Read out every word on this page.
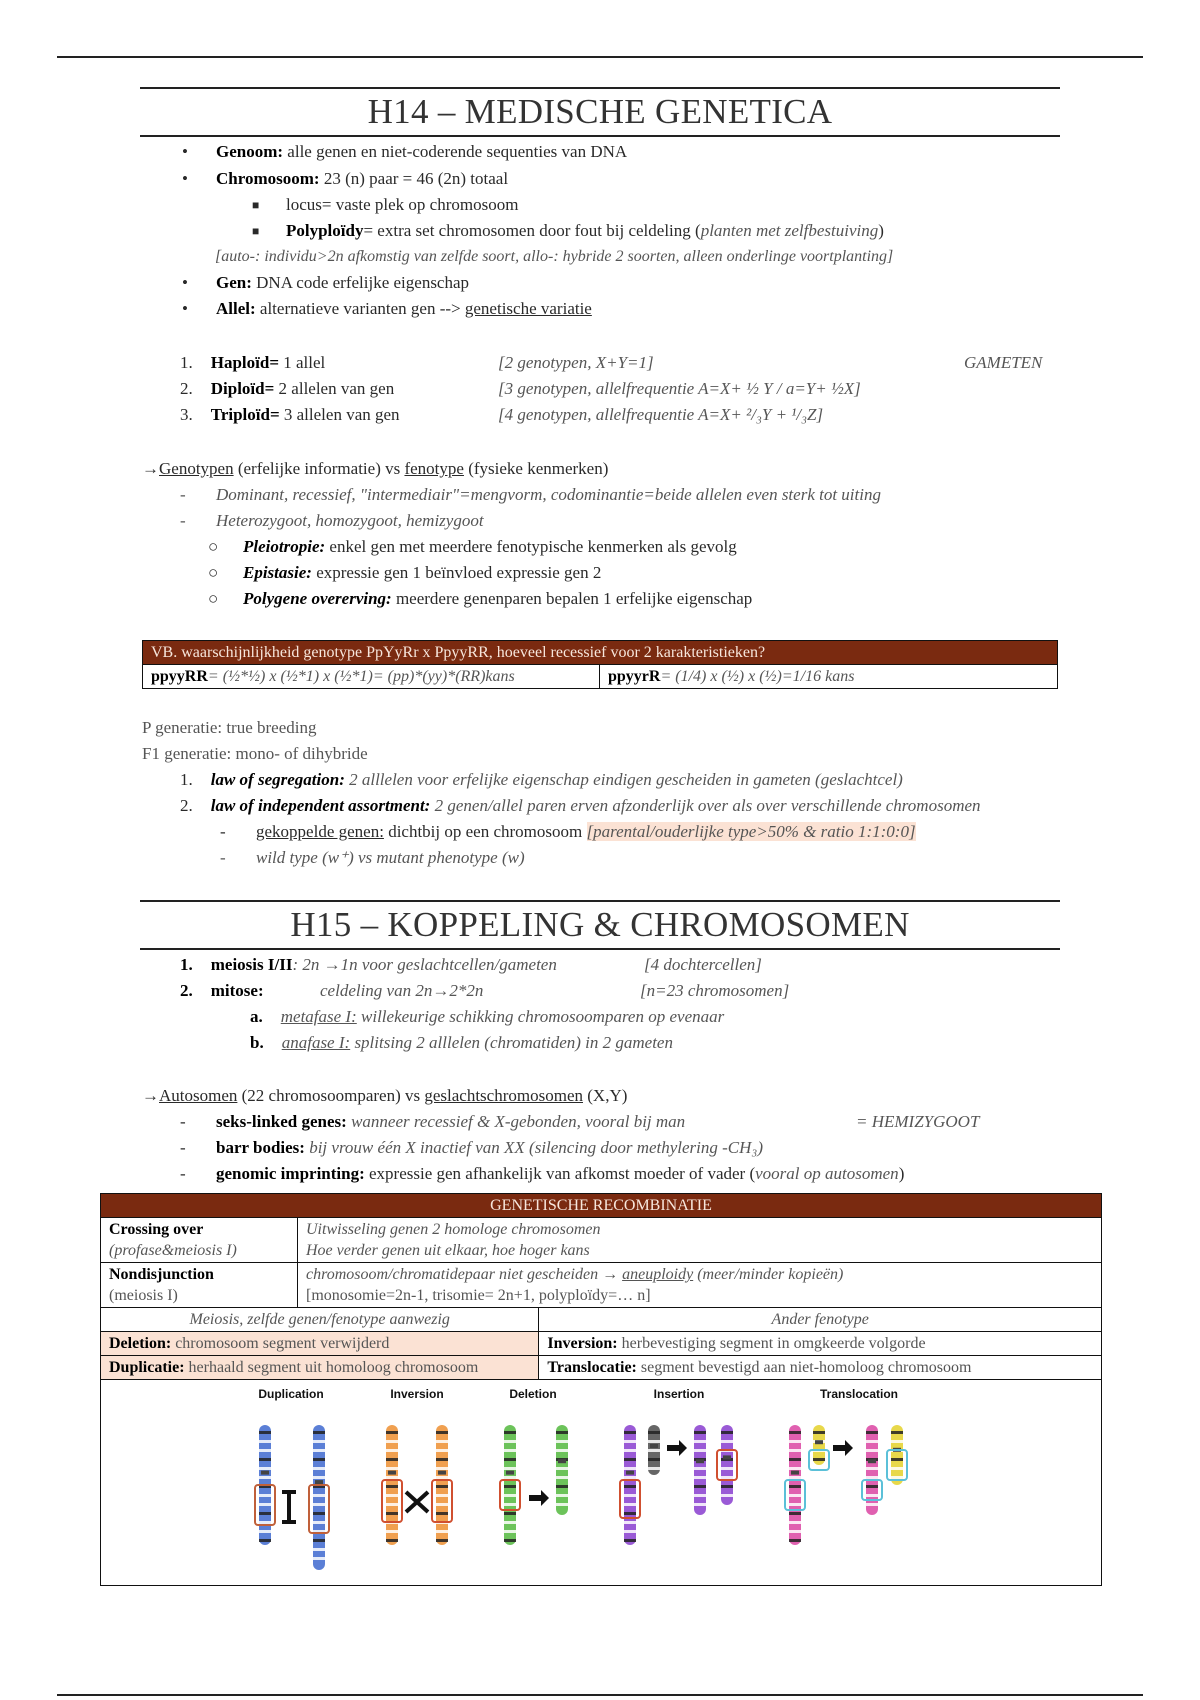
H14 – MEDISCHE GENETICA
• Genoom: alle genen en niet-coderende sequenties van DNA
• Chromosoom: 23 (n) paar = 46 (2n) totaal
■ locus= vaste plek op chromosoom
■ Polyploïdy= extra set chromosomen door fout bij celdeling (planten met zelfbestuiving)
[auto-: individu>2n afkomstig van zelfde soort, allo-: hybride 2 soorten, alleen onderlinge voortplanting]
• Gen: DNA code erfelijke eigenschap
• Allel: alternatieve varianten gen --> genetische variatie
1. Haploïd= 1 allel	[2 genotypen, X+Y=1]	GAMETEN
2. Diploïd= 2 allelen van gen	[3 genotypen, allelfrequentie A=X+ ½ Y / a=Y+ ½X]
3. Triploïd= 3 allelen van gen	[4 genotypen, allelfrequentie A=X+ ²/₃Y + ¹/₃Z]
→Genotypen (erfelijke informatie) vs fenotype (fysieke kenmerken)
- Dominant, recessief, "intermediair"=mengvorm, codominantie=beide allelen even sterk tot uiting
- Heterozygoot, homozygoot, hemizygoot
○ Pleiotropie: enkel gen met meerdere fenotypische kenmerken als gevolg
○ Epistasie: expressie gen 1 beïnvloed expressie gen 2
○ Polygene overerving: meerdere genenparen bepalen 1 erfelijke eigenschap
VB. waarschijnlijkheid genotype PpYyRr x PpyyRR, hoeveel recessief voor 2 karakteristieken?
ppyyRR= (½*½) x (½*1) x (½*1)= (pp)*(yy)*(RR)kans	ppyyrR= (1/4) x (½) x (½)=1/16 kans
P generatie: true breeding
F1 generatie: mono- of dihybride
1. law of segregation: 2 alllelen voor erfelijke eigenschap eindigen gescheiden in gameten (geslachtcel)
2. law of independent assortment: 2 genen/allel paren erven afzonderlijk over als over verschillende chromosomen
- gekoppelde genen: dichtbij op een chromosoom [parental/ouderlijke type>50% & ratio 1:1:0:0]
- wild type (w⁺) vs mutant phenotype (w)
H15 – KOPPELING & CHROMOSOMEN
1. meiosis I/II: 2n →1n voor geslachtcellen/gameten	[4 dochtercellen]
2. mitose:	celdeling van 2n→2*2n	[n=23 chromosomen]
a. metafase I: willekeurige schikking chromosoomparen op evenaar
b. anafase I: splitsing 2 alllelen (chromatiden) in 2 gameten
→Autosomen (22 chromosoomparen) vs geslachtschromosomen (X,Y)
- seks-linked genes: wanneer recessief & X-gebonden, vooral bij man	= HEMIZYGOOT
- barr bodies: bij vrouw één X inactief van XX (silencing door methylering -CH₃)
- genomic imprinting: expressie gen afhankelijk van afkomst moeder of vader (vooral op autosomen)
GENETISCHE RECOMBINATIE		
Crossing over
(profase&meiosis I)	Uitwisseling genen 2 homologe chromosomen
Hoe verder genen uit elkaar, hoe hoger kans	
Nondisjunction
(meiosis I)	chromosoom/chromatidepaar niet gescheiden → aneuploidy (meer/minder kopieën)
[monosomie=2n-1, trisomie= 2n+1, polyploïdy=… n]	
Meiosis, zelfde genen/fenotype aanwezig		Ander fenotype
Deletion: chromosoom segment verwijderd		Inversion: herbevestiging segment in omgkeerde volgorde
Duplicatie: herhaald segment uit homoloog chromosoom		Translocatie: segment bevestigd aan niet-homoloog chromosoom

Duplication Inversion Deletion Insertion Translocation		
